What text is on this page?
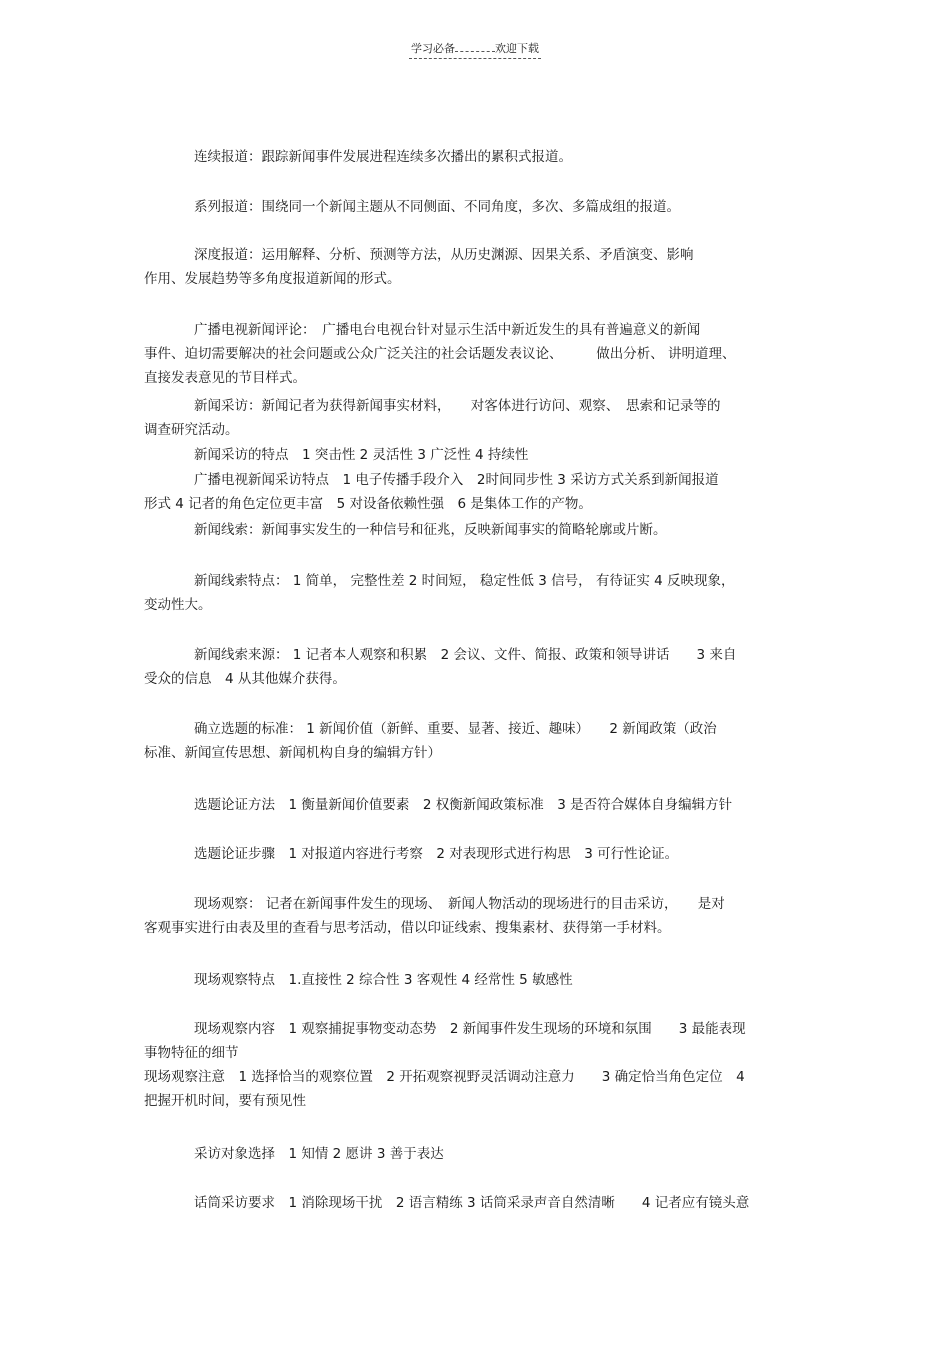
学习必备	欢迎下载
连续报道：跟踪新闻事件发展进程连续多次播出的累积式报道。
系列报道：围绕同一个新闻主题从不同侧面、不同角度，多次、多篇成组的报道。
深度报道：运用解释、分析、预测等方法，从历史渊源、因果关系、矛盾演变、影响
作用、发展趋势等多角度报道新闻的形式。
广播电视新闻评论：　广播电台电视台针对显示生活中新近发生的具有普遍意义的新闻
事件、迫切需要解决的社会问题或公众广泛关注的社会话题发表议论、　　　做出分析、 讲明道理、
直接发表意见的节目样式。
新闻采访：新闻记者为获得新闻事实材料，　　对客体进行访问、观察、　思索和记录等的
调查研究活动。
新闻采访的特点　1 突击性 2 灵活性 3 广泛性 4 持续性
广播电视新闻采访特点　1 电子传播手段介入　2时间同步性 3 采访方式关系到新闻报道
形式 4 记者的角色定位更丰富　5 对设备依赖性强　6 是集体工作的产物。
新闻线索：新闻事实发生的一种信号和征兆，反映新闻事实的简略轮廓或片断。
新闻线索特点： 1 简单， 完整性差 2 时间短， 稳定性低 3 信号， 有待证实 4 反映现象，
变动性大。
新闻线索来源： 1 记者本人观察和积累　2 会议、文件、简报、政策和领导讲话　　3 来自
受众的信息　4 从其他媒介获得。
确立选题的标准： 1 新闻价值（新鲜、重要、显著、接近、趣味）　　2 新闻政策（政治
标准、新闻宣传思想、新闻机构自身的编辑方针）
选题论证方法　1 衡量新闻价值要素　2 权衡新闻政策标准　3 是否符合媒体自身编辑方针
选题论证步骤　1 对报道内容进行考察　2 对表现形式进行构思　3 可行性论证。
现场观察： 记者在新闻事件发生的现场、　新闻人物活动的现场进行的目击采访，　　是对
客观事实进行由表及里的查看与思考活动，借以印证线索、搜集素材、获得第一手材料。
现场观察特点　1.直接性 2 综合性 3 客观性 4 经常性 5 敏感性
现场观察内容　1 观察捕捉事物变动态势　2 新闻事件发生现场的环境和氛围　　3 最能表现
事物特征的细节
现场观察注意　1 选择恰当的观察位置　2 开拓观察视野灵活调动注意力　　3 确定恰当角色定位　4
把握开机时间，要有预见性
采访对象选择　1 知情 2 愿讲 3 善于表达
话筒采访要求　1 消除现场干扰　2 语言精练 3 话筒采录声音自然清晰　　4 记者应有镜头意
